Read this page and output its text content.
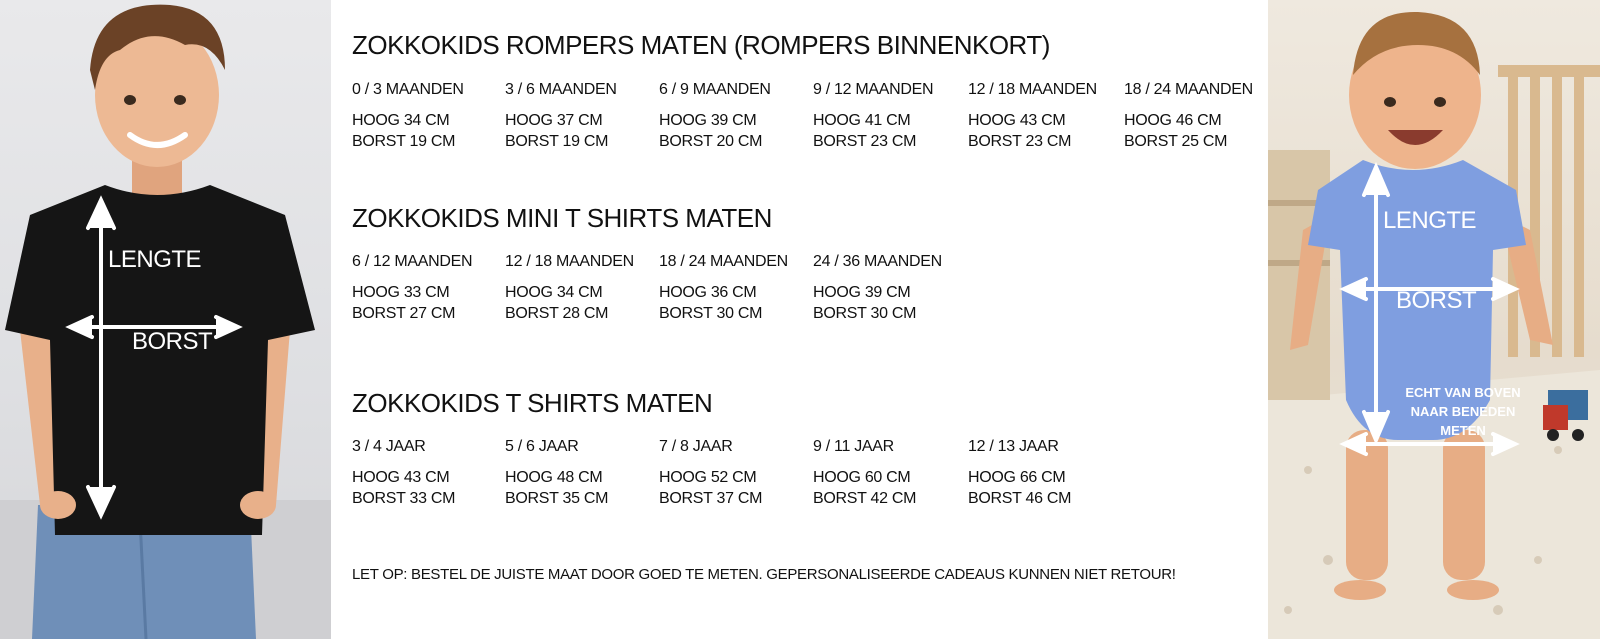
LENGTE
BORST
ZOKKOKIDS ROMPERS MATEN (ROMPERS BINNENKORT)
0 / 3 MAANDEN
HOOG 34 CM
BORST 19 CM
3 / 6 MAANDEN
HOOG 37 CM
BORST 19 CM
6 / 9 MAANDEN
HOOG 39 CM
BORST 20 CM
9 / 12 MAANDEN
HOOG 41 CM
BORST 23 CM
12 / 18 MAANDEN
HOOG 43 CM
BORST 23 CM
18 / 24 MAANDEN
HOOG 46 CM
BORST 25 CM
ZOKKOKIDS MINI T SHIRTS MATEN
6 / 12 MAANDEN
HOOG 33 CM
BORST 27 CM
12 / 18 MAANDEN
HOOG 34 CM
BORST 28 CM
18 / 24 MAANDEN
HOOG 36 CM
BORST 30 CM
24 / 36 MAANDEN
HOOG 39 CM
BORST 30 CM
ZOKKOKIDS T SHIRTS MATEN
3 / 4 JAAR
HOOG 43 CM
BORST 33 CM
5 / 6 JAAR
HOOG 48 CM
BORST 35 CM
7 / 8 JAAR
HOOG 52 CM
BORST 37 CM
9 / 11 JAAR
HOOG 60 CM
BORST 42 CM
12 / 13 JAAR
HOOG 66 CM
BORST 46 CM
LET OP: BESTEL DE JUISTE MAAT DOOR GOED TE METEN. GEPERSONALISEERDE CADEAUS KUNNEN NIET RETOUR!
LENGTE
BORST
ECHT VAN BOVEN
NAAR BENEDEN
METEN
